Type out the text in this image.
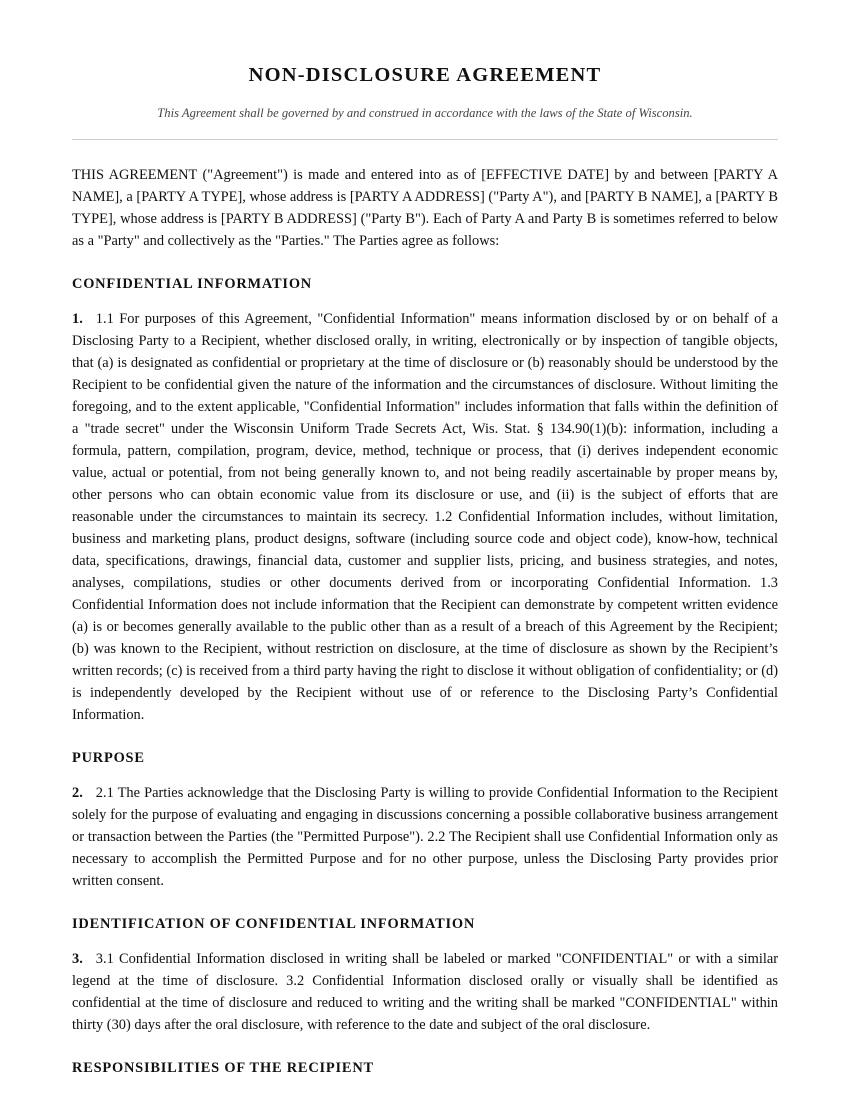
NON-DISCLOSURE AGREEMENT

This Agreement shall be governed by and construed in accordance with the laws of the State of Wisconsin.

THIS AGREEMENT ("Agreement") is made and entered into as of [EFFECTIVE DATE] by and between [PARTY A NAME], a [PARTY A TYPE], whose address is [PARTY A ADDRESS] ("Party A"), and [PARTY B NAME], a [PARTY B TYPE], whose address is [PARTY B ADDRESS] ("Party B"). Each of Party A and Party B is sometimes referred to below as a "Party" and collectively as the "Parties." The Parties agree as follows:

CONFIDENTIAL INFORMATION

1. 1.1 For purposes of this Agreement, "Confidential Information" means information disclosed by or on behalf of a Disclosing Party to a Recipient, whether disclosed orally, in writing, electronically or by inspection of tangible objects, that (a) is designated as confidential or proprietary at the time of disclosure or (b) reasonably should be understood by the Recipient to be confidential given the nature of the information and the circumstances of disclosure. Without limiting the foregoing, and to the extent applicable, "Confidential Information" includes information that falls within the definition of a "trade secret" under the Wisconsin Uniform Trade Secrets Act, Wis. Stat. § 134.90(1)(b): information, including a formula, pattern, compilation, program, device, method, technique or process, that (i) derives independent economic value, actual or potential, from not being generally known to, and not being readily ascertainable by proper means by, other persons who can obtain economic value from its disclosure or use, and (ii) is the subject of efforts that are reasonable under the circumstances to maintain its secrecy. 1.2 Confidential Information includes, without limitation, business and marketing plans, product designs, software (including source code and object code), know-how, technical data, specifications, drawings, financial data, customer and supplier lists, pricing, and business strategies, and notes, analyses, compilations, studies or other documents derived from or incorporating Confidential Information. 1.3 Confidential Information does not include information that the Recipient can demonstrate by competent written evidence (a) is or becomes generally available to the public other than as a result of a breach of this Agreement by the Recipient; (b) was known to the Recipient, without restriction on disclosure, at the time of disclosure as shown by the Recipient’s written records; (c) is received from a third party having the right to disclose it without obligation of confidentiality; or (d) is independently developed by the Recipient without use of or reference to the Disclosing Party’s Confidential Information.

PURPOSE

2. 2.1 The Parties acknowledge that the Disclosing Party is willing to provide Confidential Information to the Recipient solely for the purpose of evaluating and engaging in discussions concerning a possible collaborative business arrangement or transaction between the Parties (the "Permitted Purpose"). 2.2 The Recipient shall use Confidential Information only as necessary to accomplish the Permitted Purpose and for no other purpose, unless the Disclosing Party provides prior written consent.

IDENTIFICATION OF CONFIDENTIAL INFORMATION

3. 3.1 Confidential Information disclosed in writing shall be labeled or marked "CONFIDENTIAL" or with a similar legend at the time of disclosure. 3.2 Confidential Information disclosed orally or visually shall be identified as confidential at the time of disclosure and reduced to writing and the writing shall be marked "CONFIDENTIAL" within thirty (30) days after the oral disclosure, with reference to the date and subject of the oral disclosure.

RESPONSIBILITIES OF THE RECIPIENT
